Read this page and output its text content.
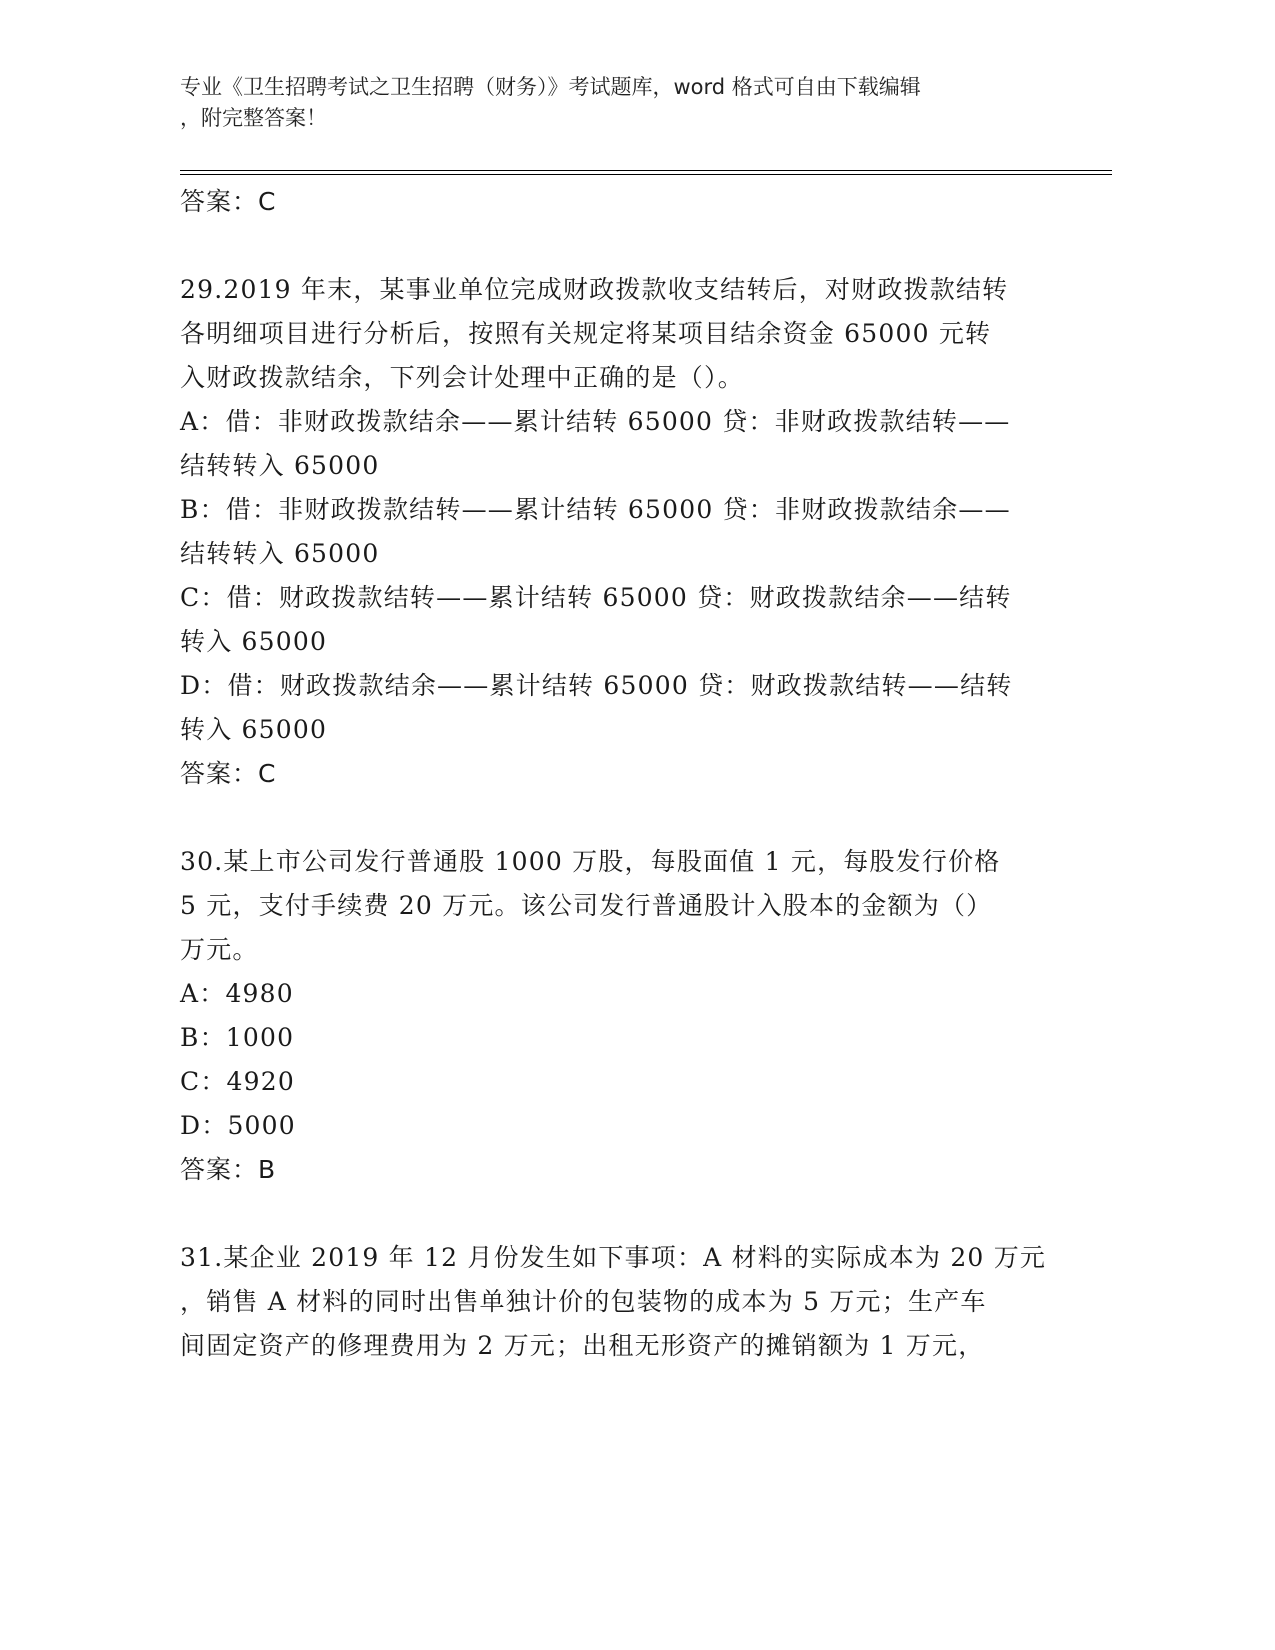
专业《卫生招聘考试之卫生招聘（财务）》考试题库，word 格式可自由下载编辑
，附完整答案！
答案：C
29.2019 年末，某事业单位完成财政拨款收支结转后，对财政拨款结转
各明细项目进行分析后，按照有关规定将某项目结余资金 65000 元转
入财政拨款结余，下列会计处理中正确的是（）。
A：借：非财政拨款结余——累计结转 65000 贷：非财政拨款结转——
结转转入 65000
B：借：非财政拨款结转——累计结转 65000 贷：非财政拨款结余——
结转转入 65000
C：借：财政拨款结转——累计结转 65000 贷：财政拨款结余——结转
转入 65000
D：借：财政拨款结余——累计结转 65000 贷：财政拨款结转——结转
转入 65000
答案：C
30.某上市公司发行普通股 1000 万股，每股面值 1 元，每股发行价格
5 元，支付手续费 20 万元。该公司发行普通股计入股本的金额为（）
万元。
A：4980
B：1000
C：4920
D：5000
答案：B
31.某企业 2019 年 12 月份发生如下事项：A 材料的实际成本为 20 万元
，销售 A 材料的同时出售单独计价的包装物的成本为 5 万元；生产车
间固定资产的修理费用为 2 万元；出租无形资产的摊销额为 1 万元，
